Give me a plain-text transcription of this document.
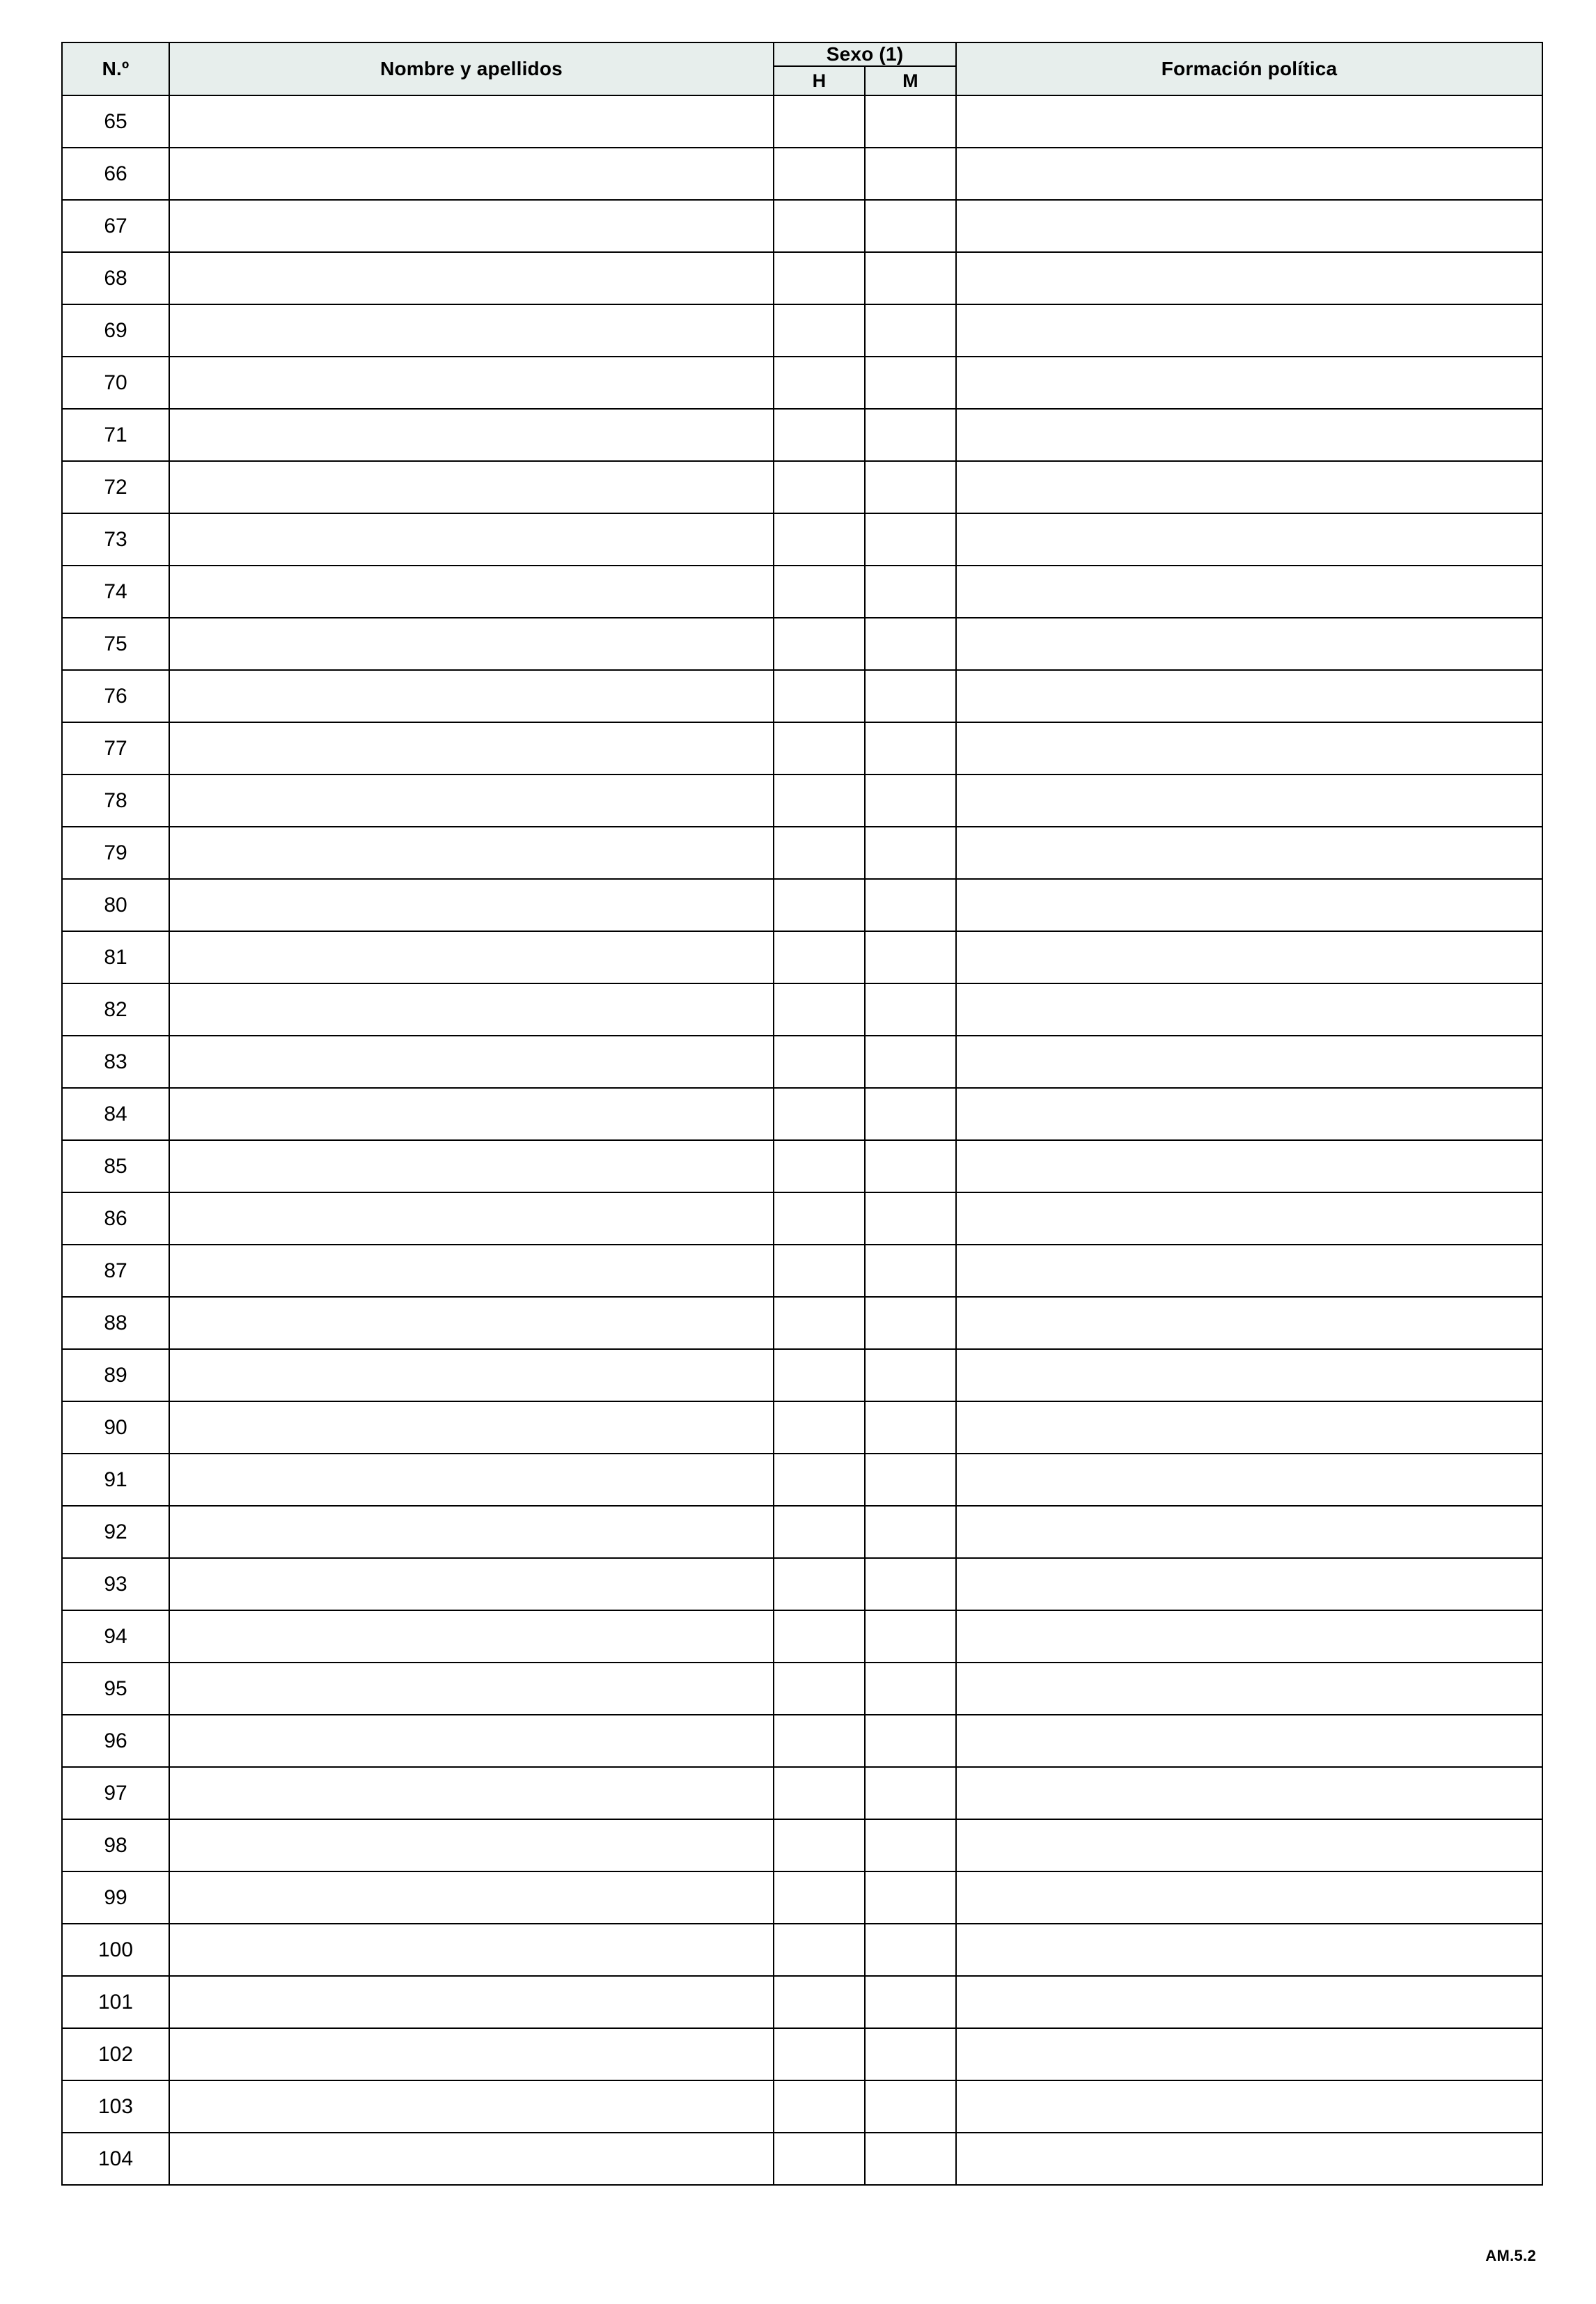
N.º	Nombre y apellidos	Sexo (1)		Formación política
		H	M	
65				
66				
67				
68				
69				
70				
71				
72				
73				
74				
75				
76				
77				
78				
79				
80				
81				
82				
83				
84				
85				
86				
87				
88				
89				
90				
91				
92				
93				
94				
95				
96				
97				
98				
99				
100				
101				
102				
103				
104				
AM.5.2
